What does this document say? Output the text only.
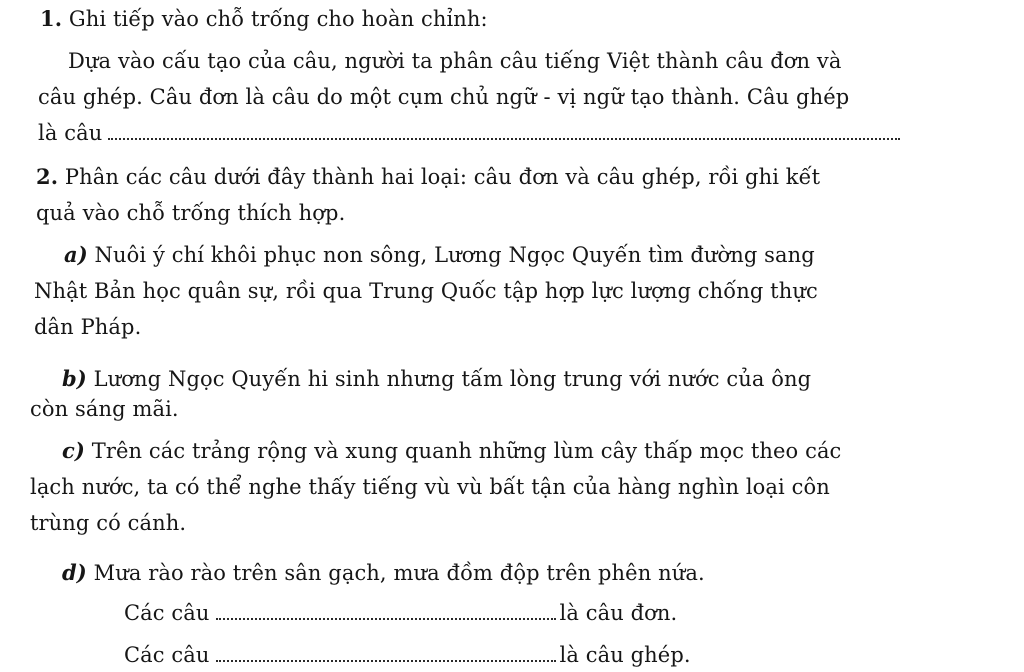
1. Ghi tiếp vào chỗ trống cho hoàn chỉnh:
Dựa vào cấu tạo của câu, người ta phân câu tiếng Việt thành câu đơn và
câu ghép. Câu đơn là câu do một cụm chủ ngữ - vị ngữ tạo thành. Câu ghép
là câu
2. Phân các câu dưới đây thành hai loại: câu đơn và câu ghép, rồi ghi kết
quả vào chỗ trống thích hợp.
a) Nuôi ý chí khôi phục non sông, Lương Ngọc Quyến tìm đường sang
Nhật Bản học quân sự, rồi qua Trung Quốc tập hợp lực lượng chống thực
dân Pháp.
b) Lương Ngọc Quyến hi sinh nhưng tấm lòng trung với nước của ông
còn sáng mãi.
c) Trên các trảng rộng và xung quanh những lùm cây thấp mọc theo các
lạch nước, ta có thể nghe thấy tiếng vù vù bất tận của hàng nghìn loại côn
trùng có cánh.
d) Mưa rào rào trên sân gạch, mưa đồm độp trên phên nứa.
Các câu	là câu đơn.
Các câu	là câu ghép.
